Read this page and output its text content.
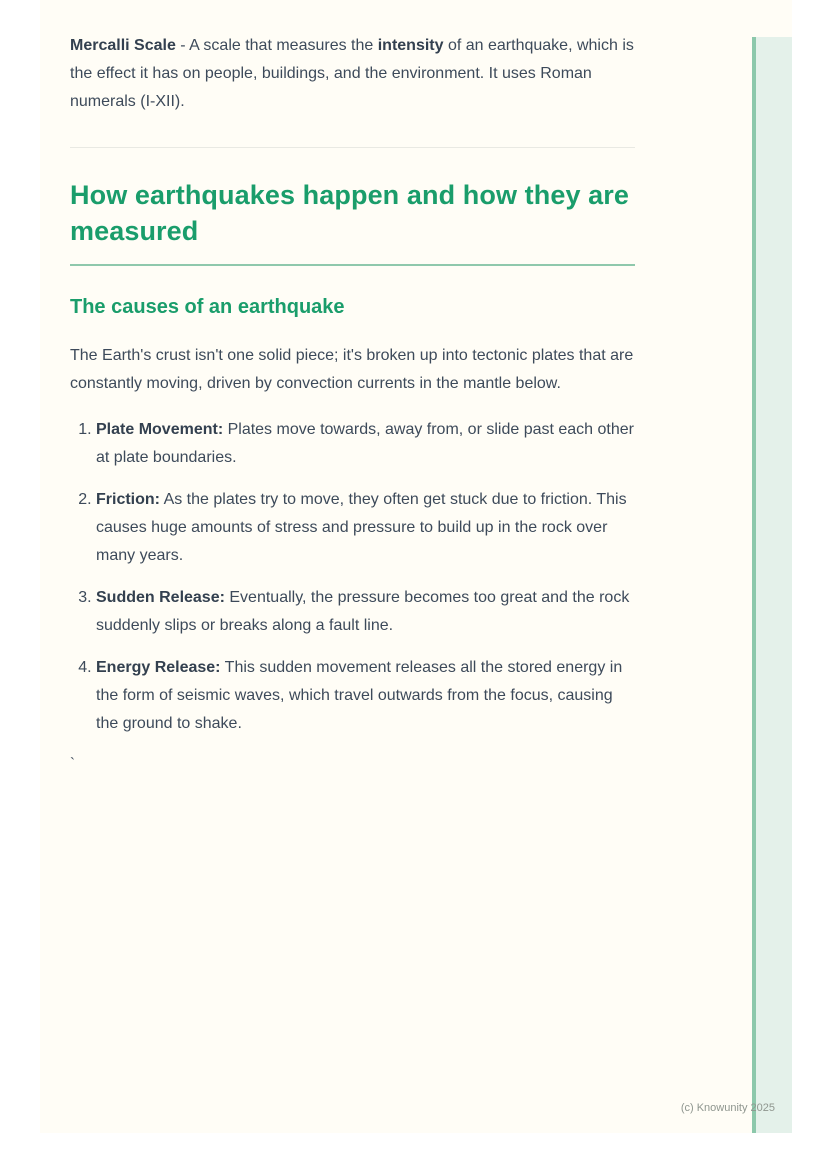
Mercalli Scale - A scale that measures the intensity of an earthquake, which is the effect it has on people, buildings, and the environment. It uses Roman numerals (I-XII).

How earthquakes happen and how they are measured
The causes of an earthquake

The Earth's crust isn't one solid piece; it's broken up into tectonic plates that are constantly moving, driven by convection currents in the mantle below.

1. Plate Movement: Plates move towards, away from, or slide past each other at plate boundaries.
2. Friction: As the plates try to move, they often get stuck due to friction. This causes huge amounts of stress and pressure to build up in the rock over many years.
3. Sudden Release: Eventually, the pressure becomes too great and the rock suddenly slips or breaks along a fault line.
4. Energy Release: This sudden movement releases all the stored energy in the form of seismic waves, which travel outwards from the focus, causing the ground to shake.

`

(c) Knowunity 2025
